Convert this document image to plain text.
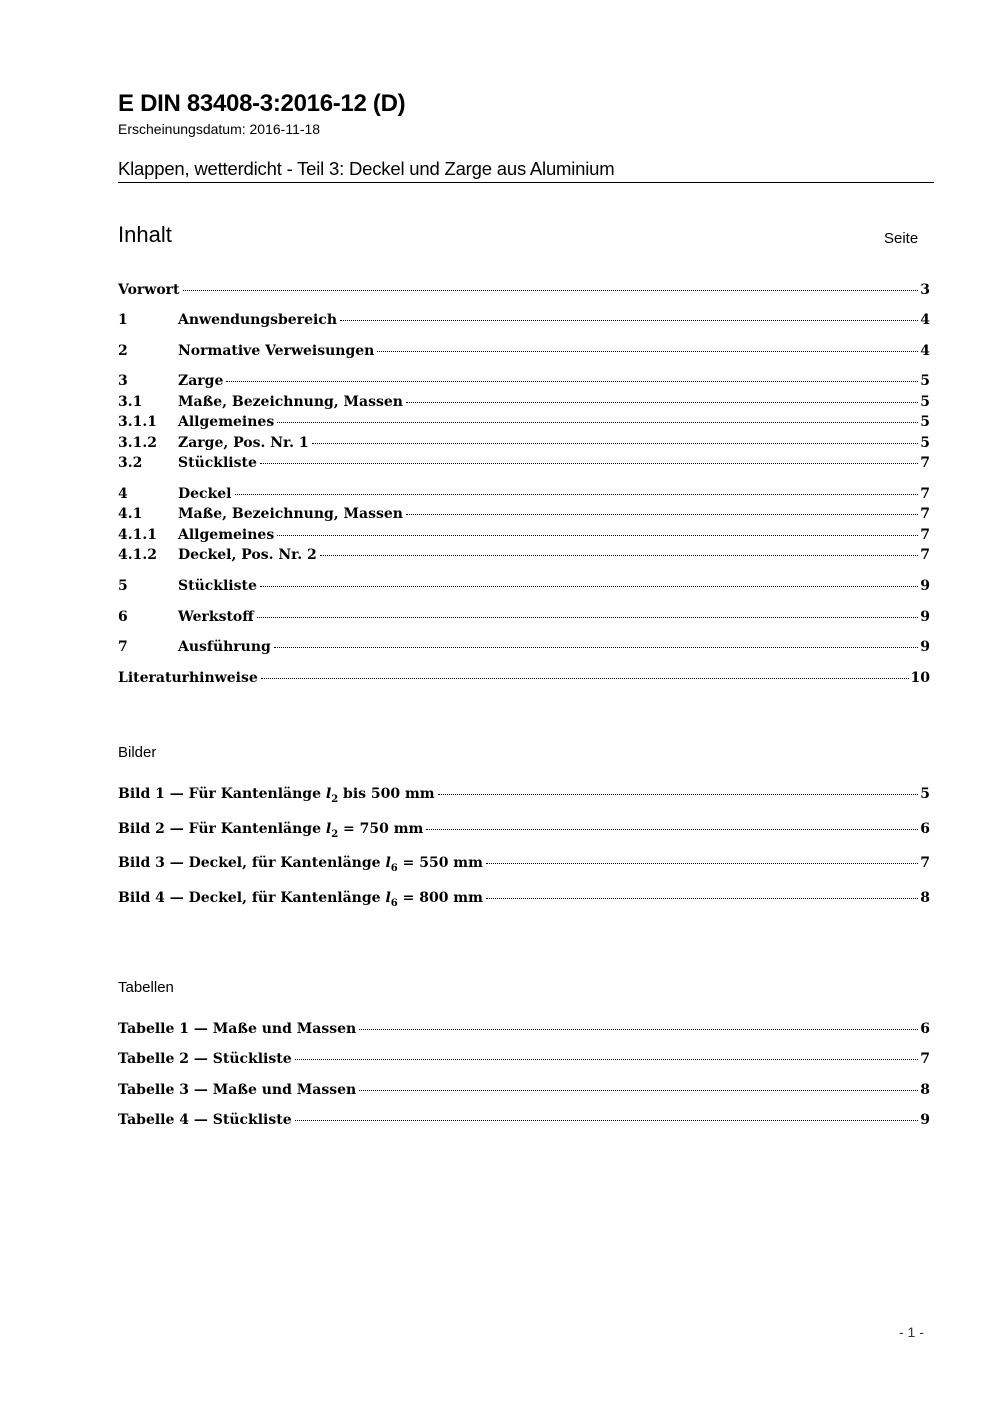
E DIN 83408-3:2016-12 (D)
Erscheinungsdatum: 2016-11-18
Klappen, wetterdicht - Teil 3: Deckel und Zarge aus Aluminium
Inhalt	Seite
Vorwort	3
1	Anwendungsbereich	4
2	Normative Verweisungen	4
3	Zarge	5
3.1	Maße, Bezeichnung, Massen	5
3.1.1	Allgemeines	5
3.1.2	Zarge, Pos. Nr. 1	5
3.2	Stückliste	7
4	Deckel	7
4.1	Maße, Bezeichnung, Massen	7
4.1.1	Allgemeines	7
4.1.2	Deckel, Pos. Nr. 2	7
5	Stückliste	9
6	Werkstoff	9
7	Ausführung	9
Literaturhinweise	10
Bilder
Bild 1 — Für Kantenlänge $l_2$ bis 500 mm	5
Bild 2 — Für Kantenlänge $l_2 = 750$ mm	6
Bild 3 — Deckel, für Kantenlänge $l_6 = 550$ mm	7
Bild 4 — Deckel, für Kantenlänge $l_6 = 800$ mm	8
Tabellen
Tabelle 1 — Maße und Massen	6
Tabelle 2 — Stückliste	7
Tabelle 3 — Maße und Massen	8
Tabelle 4 — Stückliste	9
- 1 -
